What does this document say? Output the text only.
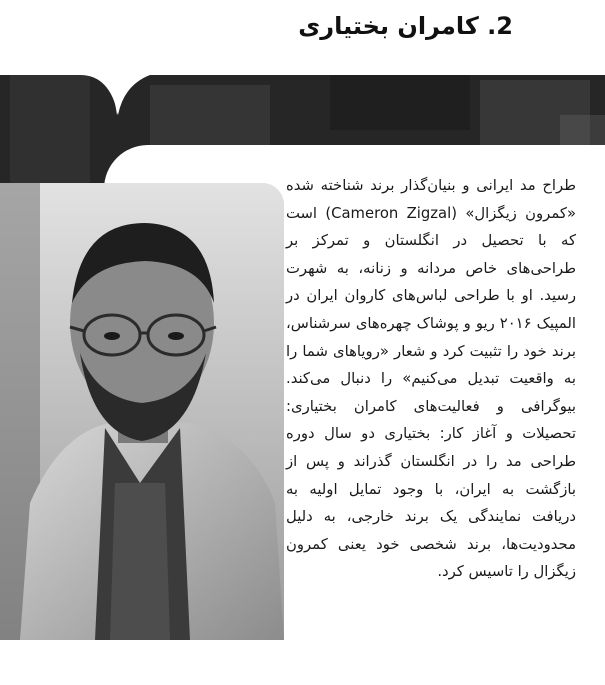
2. کامران بختیاری

طراح مد ایرانی و بنیان‌گذار برند شناخته شده «کمرون زیگزال» (Cameron Zigzal) است که با تحصیل در انگلستان و تمرکز بر طراحی‌های خاص مردانه و زنانه، به شهرت رسید. او با طراحی لباس‌های کاروان ایران در المپیک ۲۰۱۶ ریو و پوشاک چهره‌های سرشناس، برند خود را تثبیت کرد و شعار «رویاهای شما را به واقعیت تبدیل می‌کنیم» را دنبال می‌کند. بیوگرافی و فعالیت‌های کامران بختیاری: تحصیلات و آغاز کار: بختیاری دو سال دوره طراحی مد را در انگلستان گذراند و پس از بازگشت به ایران، با وجود تمایل اولیه به دریافت نمایندگی یک برند خارجی، به دلیل محدودیت‌ها، برند شخصی خود یعنی کمرون زیگزال را تاسیس کرد.
